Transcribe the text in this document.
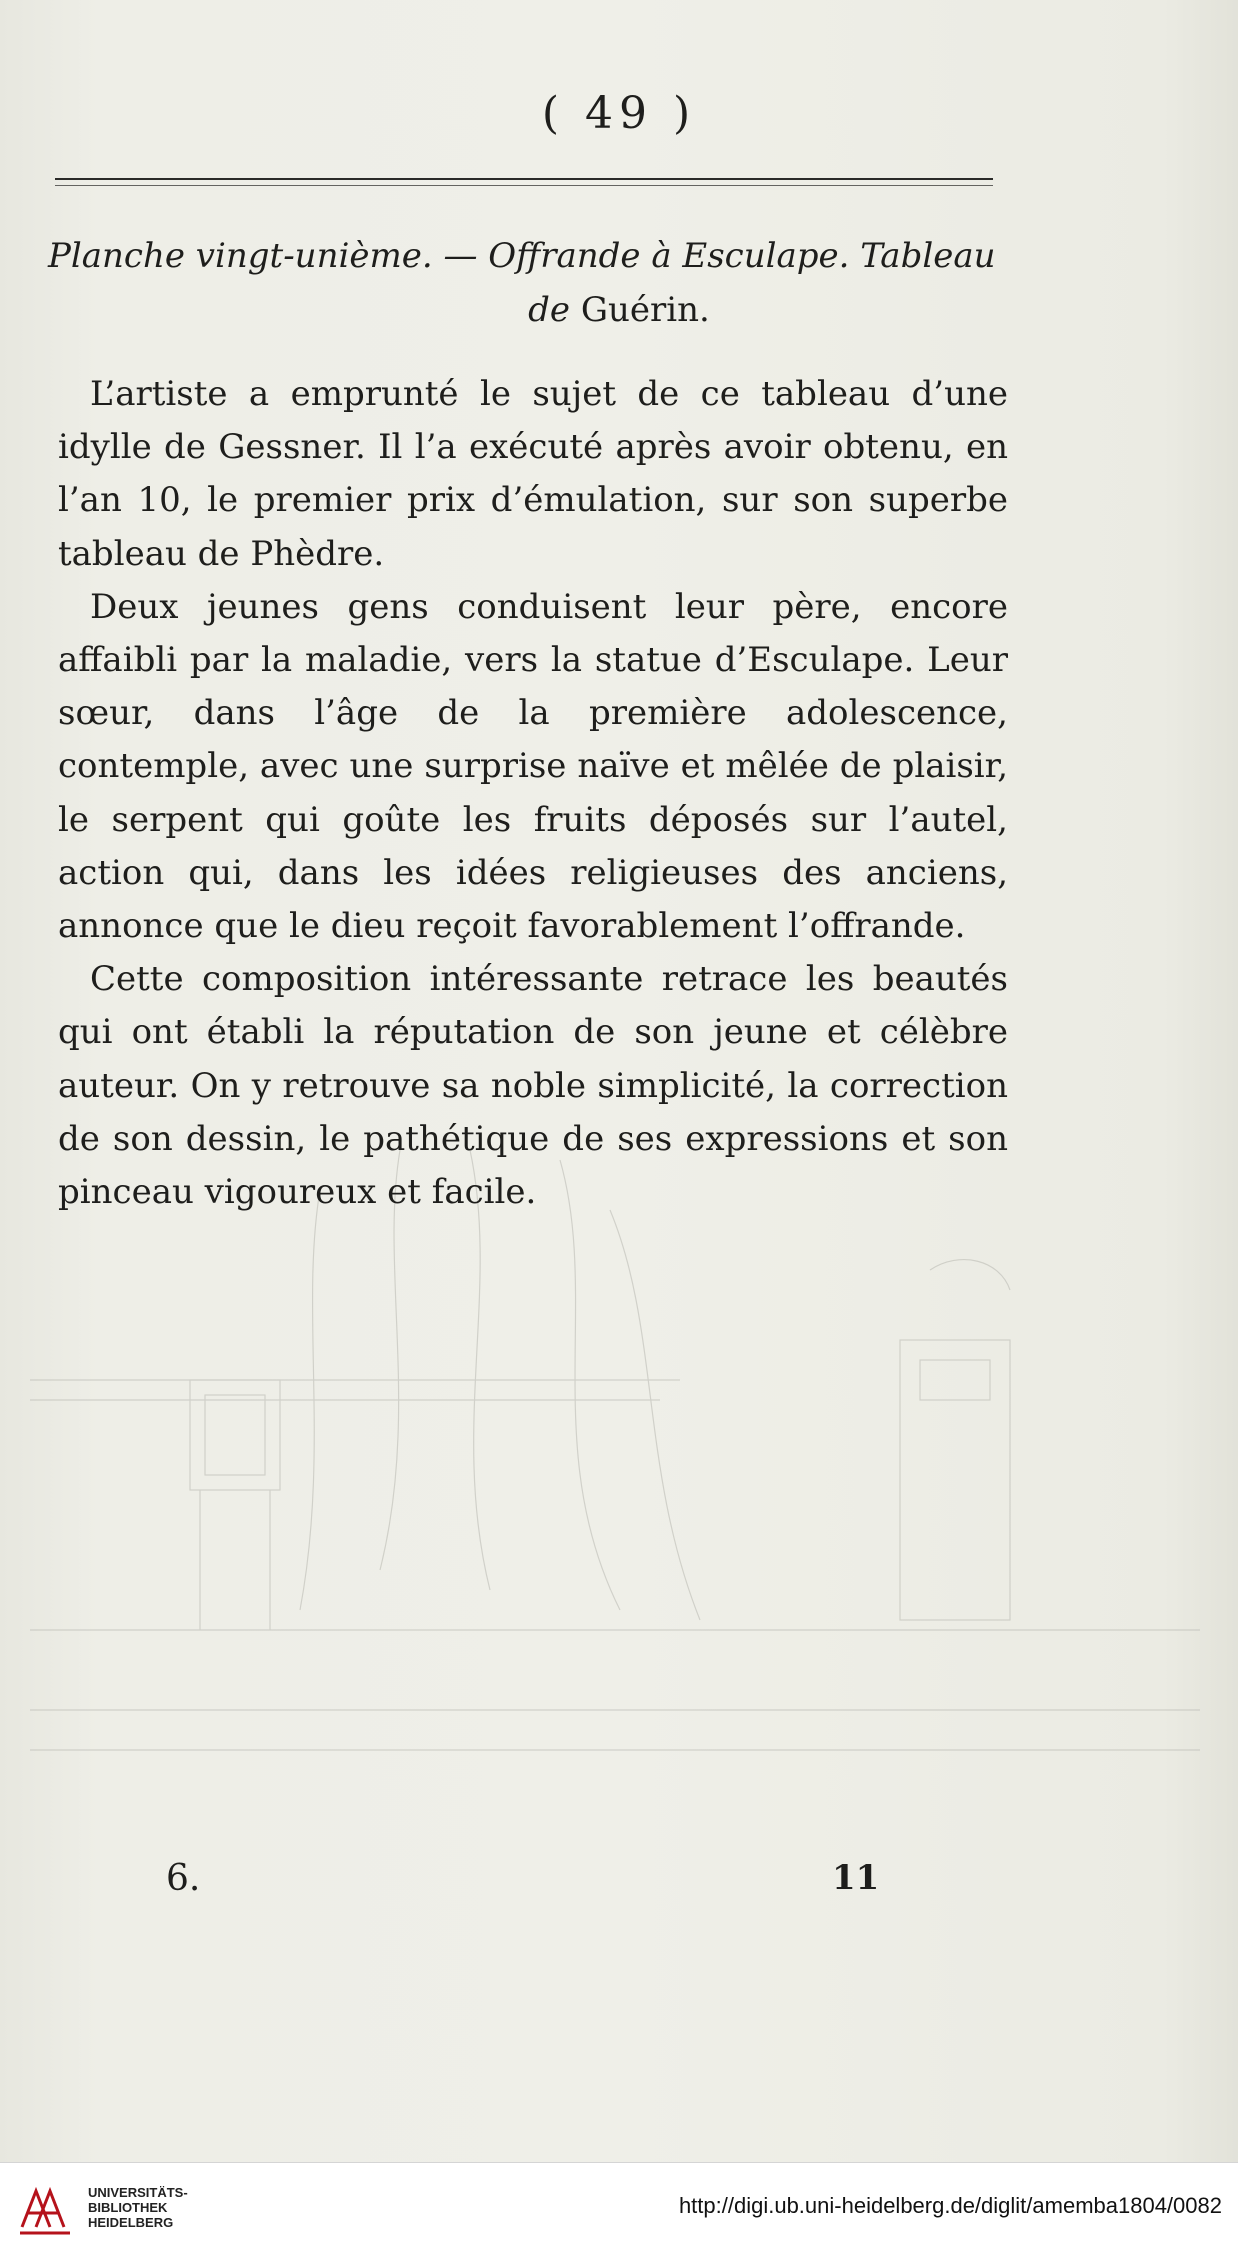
( 49 )
Planche vingt-unième. — Offrande à Esculape. Tableau
de Guérin.

L’artiste a emprunté le sujet de ce tableau d’une idylle de Gessner. Il l’a exécuté après avoir obtenu, en l’an 10, le premier prix d’émulation, sur son superbe tableau de Phèdre.

Deux jeunes gens conduisent leur père, encore affaibli par la maladie, vers la statue d’Esculape. Leur sœur, dans l’âge de la première adolescence, contemple, avec une surprise naïve et mêlée de plaisir, le serpent qui goûte les fruits déposés sur l’autel, action qui, dans les idées religieuses des anciens, annonce que le dieu reçoit favorablement l’offrande.

Cette composition intéressante retrace les beautés qui ont établi la réputation de son jeune et célèbre auteur. On y retrouve sa noble simplicité, la correction de son dessin, le pathétique de ses expressions et son pinceau vigoureux et facile.

6.	11
UNIVERSITÄTS-
BIBLIOTHEK
HEIDELBERG
http://digi.ub.uni-heidelberg.de/diglit/amemba1804/0082
